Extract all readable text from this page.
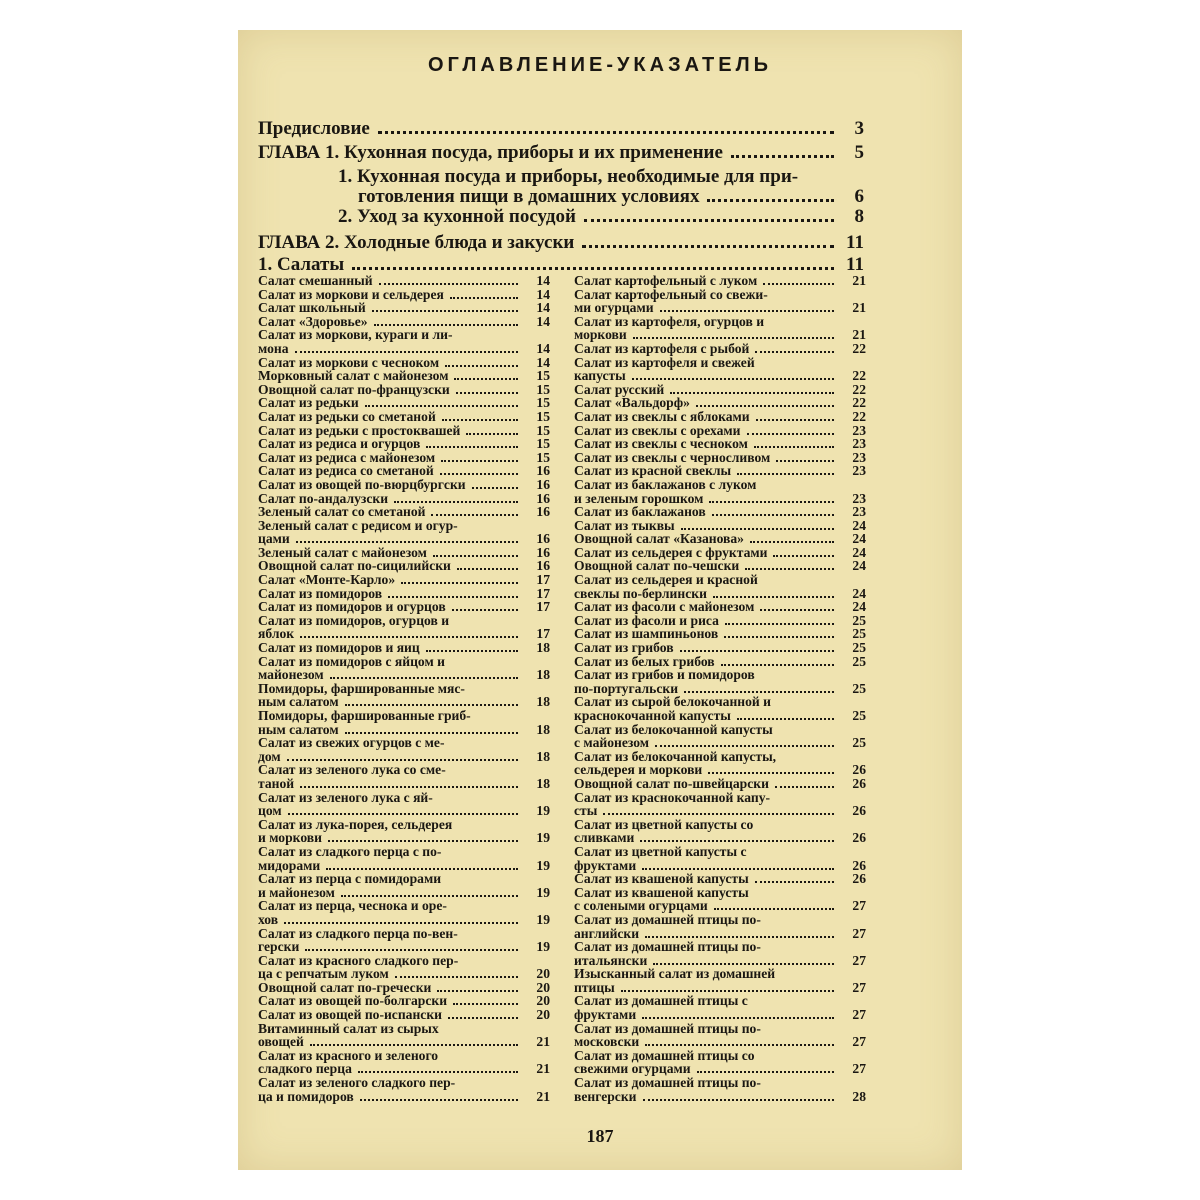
ОГЛАВЛЕНИЕ-УКАЗАТЕЛЬ
Предисловие	3
ГЛАВА 1. Кухонная посуда, приборы и их применение	5
1. Кухонная посуда и приборы, необходимые для при-
готовления пищи в домашних условиях	6
2. Уход за кухонной посудой	8
ГЛАВА 2. Холодные блюда и закуски	11
1. Салаты	11
Салат смешанный	14
Салат из моркови и сельдерея	14
Салат школьный	14
Салат «Здоровье»	14
Салат из моркови, кураги и ли-
мона	14
Салат из моркови с чесноком	14
Морковный салат с майонезом	15
Овощной салат по-французски	15
Салат из редьки	15
Салат из редьки со сметаной	15
Салат из редьки с простоквашей	15
Салат из редиса и огурцов	15
Салат из редиса с майонезом	15
Салат из редиса со сметаной	16
Салат из овощей по-вюрцбургски	16
Салат по-андалузски	16
Зеленый салат со сметаной	16
Зеленый салат с редисом и огур-
цами	16
Зеленый салат с майонезом	16
Овощной салат по-сицилийски	16
Салат «Монте-Карло»	17
Салат из помидоров	17
Салат из помидоров и огурцов	17
Салат из помидоров, огурцов и
яблок	17
Салат из помидоров и яиц	18
Салат из помидоров с яйцом и
майонезом	18
Помидоры, фаршированные мяс-
ным салатом	18
Помидоры, фаршированные гриб-
ным салатом	18
Салат из свежих огурцов с ме-
дом	18
Салат из зеленого лука со сме-
таной	18
Салат из зеленого лука с яй-
цом	19
Салат из лука-порея, сельдерея
и моркови	19
Салат из сладкого перца с по-
мидорами	19
Салат из перца с помидорами
и майонезом	19
Салат из перца, чеснока и оре-
хов	19
Салат из сладкого перца по-вен-
герски	19
Салат из красного сладкого пер-
ца с репчатым луком	20
Овощной салат по-гречески	20
Салат из овощей по-болгарски	20
Салат из овощей по-испански	20
Витаминный салат из сырых
овощей	21
Салат из красного и зеленого
сладкого перца	21
Салат из зеленого сладкого пер-
ца и помидоров	21
Салат картофельный с луком	21
Салат картофельный со свежи-
ми огурцами	21
Салат из картофеля, огурцов и
моркови	21
Салат из картофеля с рыбой	22
Салат из картофеля и свежей
капусты	22
Салат русский	22
Салат «Вальдорф»	22
Салат из свеклы с яблоками	22
Салат из свеклы с орехами	23
Салат из свеклы с чесноком	23
Салат из свеклы с черносливом	23
Салат из красной свеклы	23
Салат из баклажанов с луком
и зеленым горошком	23
Салат из баклажанов	23
Салат из тыквы	24
Овощной салат «Казанова»	24
Салат из сельдерея с фруктами	24
Овощной салат по-чешски	24
Салат из сельдерея и красной
свеклы по-берлински	24
Салат из фасоли с майонезом	24
Салат из фасоли и риса	25
Салат из шампиньонов	25
Салат из грибов	25
Салат из белых грибов	25
Салат из грибов и помидоров
по-португальски	25
Салат из сырой белокочанной и
краснокочанной капусты	25
Салат из белокочанной капусты
с майонезом	25
Салат из белокочанной капусты,
сельдерея и моркови	26
Овощной салат по-швейцарски	26
Салат из краснокочанной капу-
сты	26
Салат из цветной капусты со
сливками	26
Салат из цветной капусты с
фруктами	26
Салат из квашеной капусты	26
Салат из квашеной капусты
с солеными огурцами	27
Салат из домашней птицы по-
английски	27
Салат из домашней птицы по-
итальянски	27
Изысканный салат из домашней
птицы	27
Салат из домашней птицы с
фруктами	27
Салат из домашней птицы по-
московски	27
Салат из домашней птицы со
свежими огурцами	27
Салат из домашней птицы по-
венгерски	28
187
